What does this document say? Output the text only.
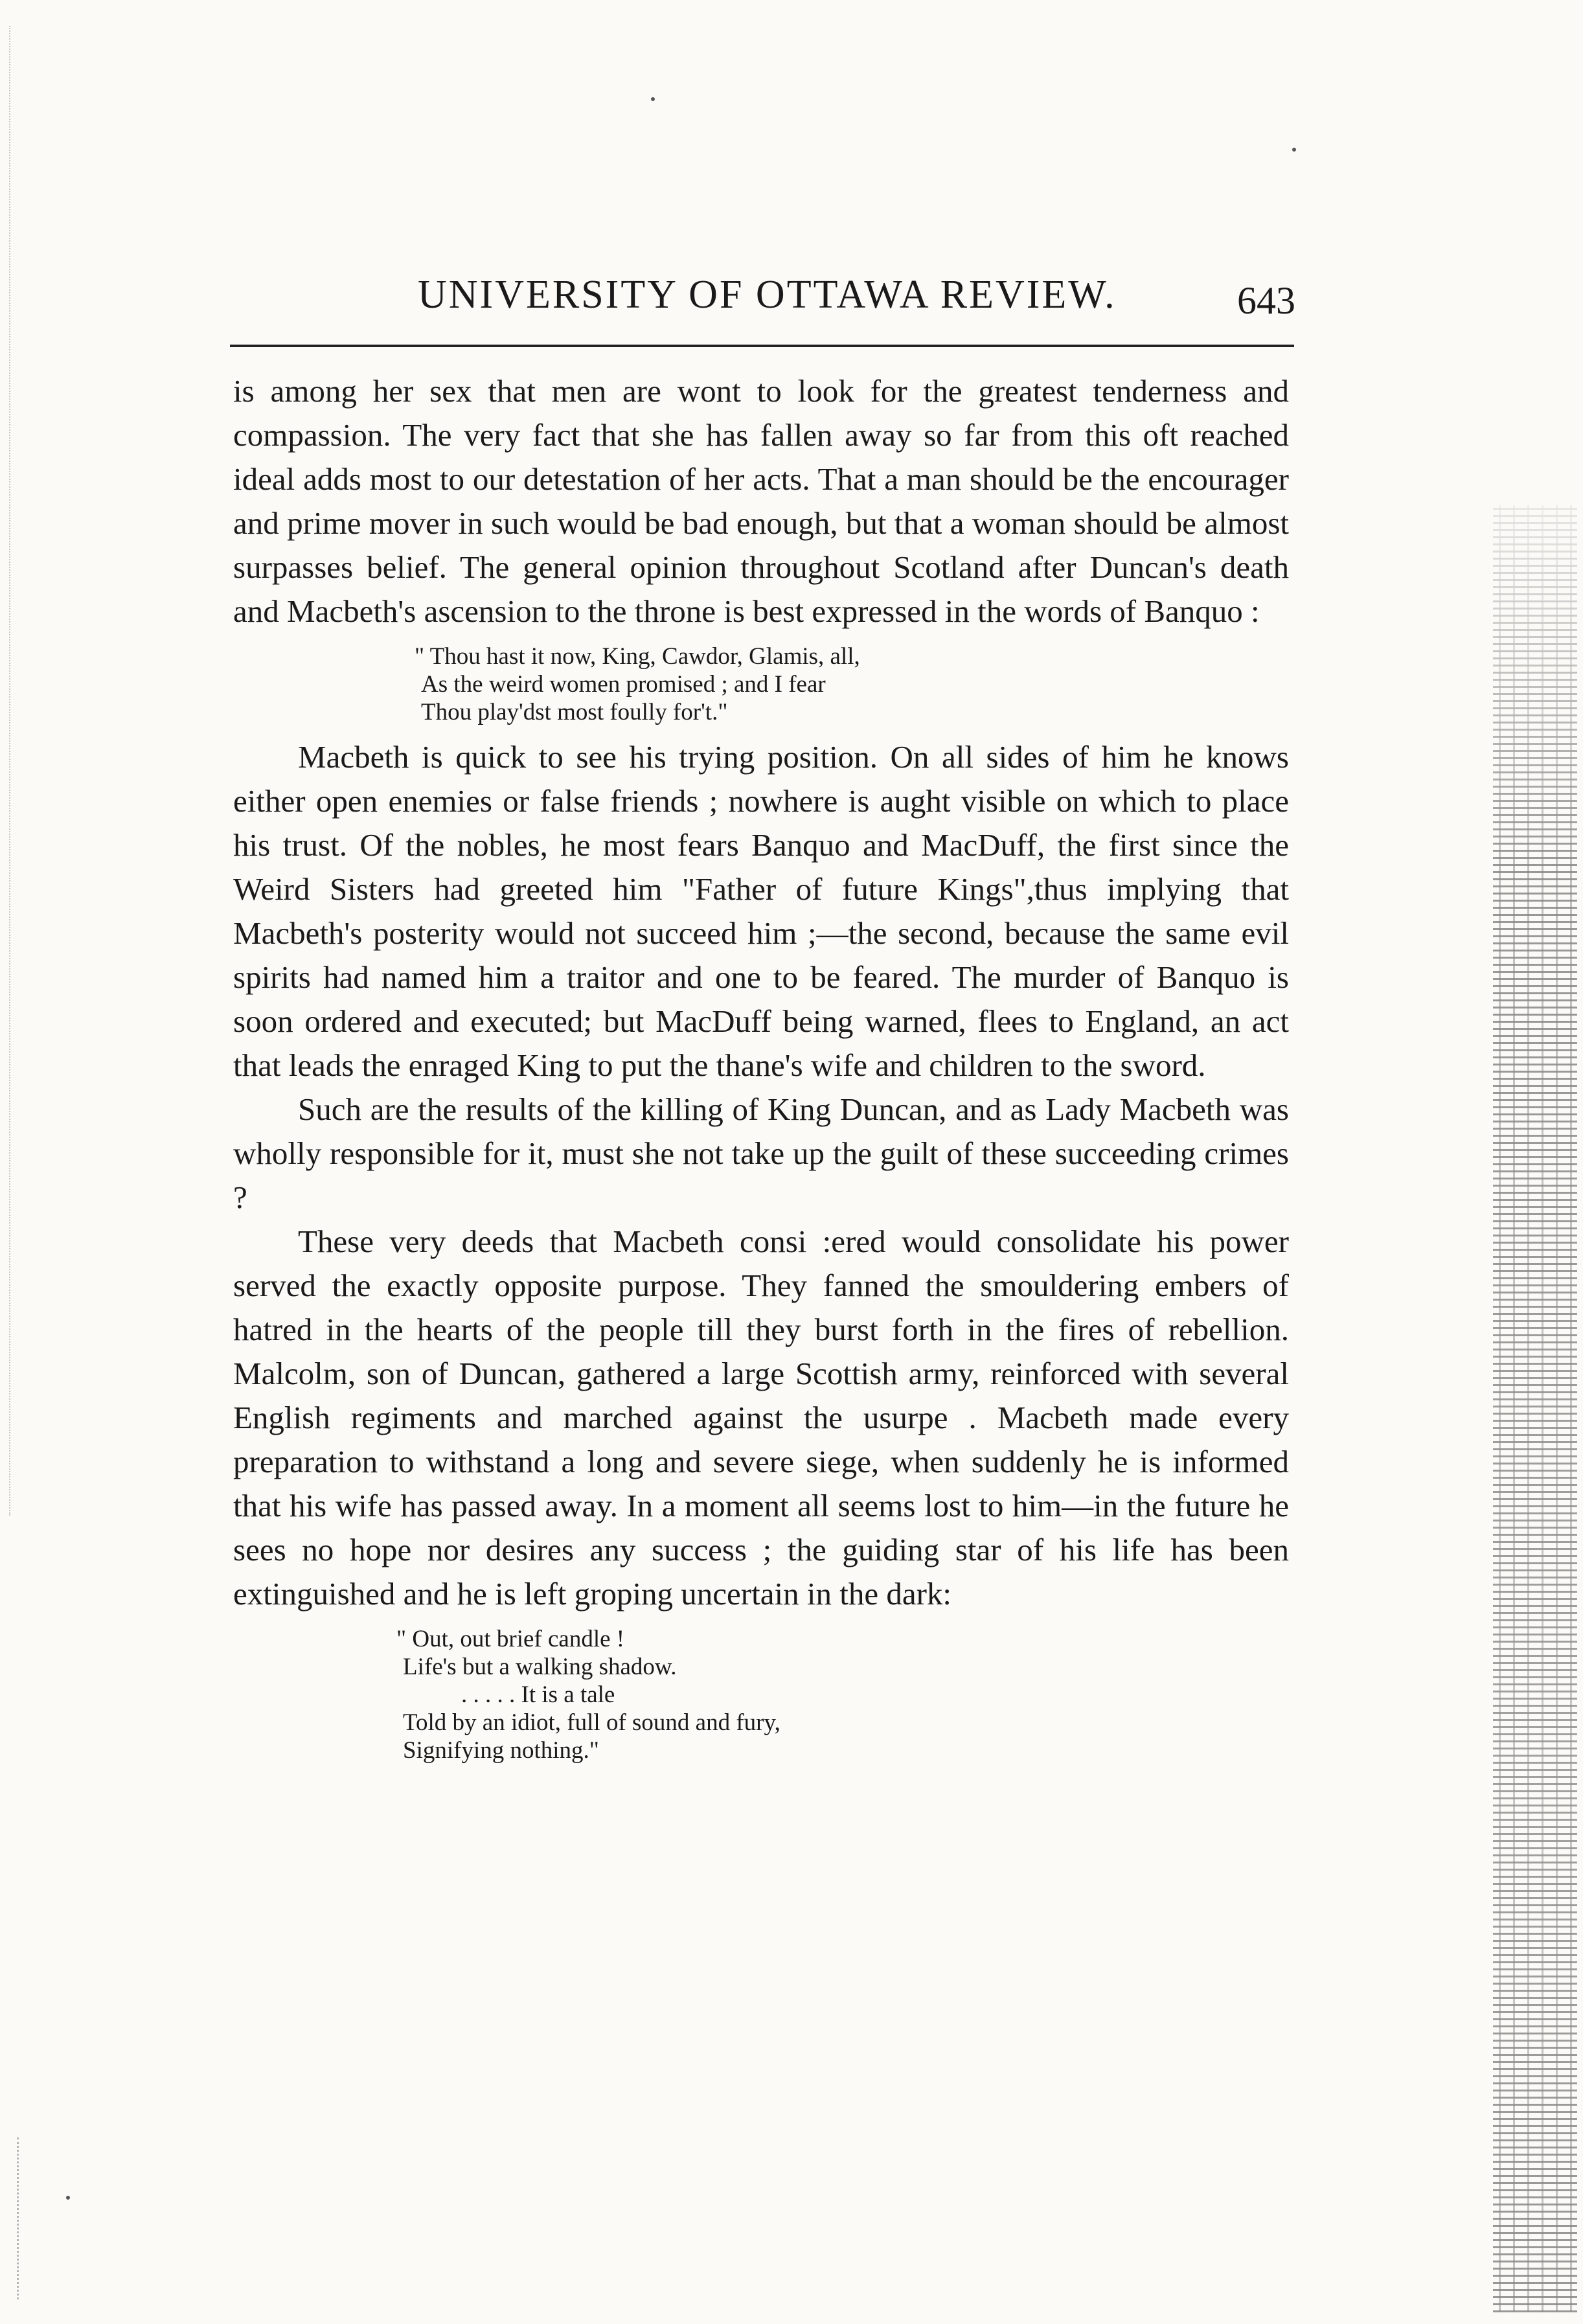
UNIVERSITY OF OTTAWA REVIEW.	643

is among her sex that men are wont to look for the greatest tenderness and compassion. The very fact that she has fallen away so far from this oft reached ideal adds most to our detestation of her acts. That a man should be the encourager and prime mover in such would be bad enough, but that a woman should be almost surpasses belief. The general opinion throughout Scotland after Duncan's death and Macbeth's ascension to the throne is best expressed in the words of Banquo :

" Thou hast it now, King, Cawdor, Glamis, all,
As the weird women promised ; and I fear
Thou play'dst most foully for't."

Macbeth is quick to see his trying position. On all sides of him he knows either open enemies or false friends ; nowhere is aught visible on which to place his trust. Of the nobles, he most fears Banquo and MacDuff, the first since the Weird Sisters had greeted him "Father of future Kings",thus implying that Macbeth's posterity would not succeed him ;—the second, because the same evil spirits had named him a traitor and one to be feared. The murder of Banquo is soon ordered and executed; but MacDuff being warned, flees to England, an act that leads the enraged King to put the thane's wife and children to the sword.

Such are the results of the killing of King Duncan, and as Lady Macbeth was wholly responsible for it, must she not take up the guilt of these succeeding crimes ?

These very deeds that Macbeth consi :ered would consolidate his power served the exactly opposite purpose. They fanned the smouldering embers of hatred in the hearts of the people till they burst forth in the fires of rebellion. Malcolm, son of Duncan, gathered a large Scottish army, reinforced with several English regiments and marched against the usurpe . Macbeth made every preparation to withstand a long and severe siege, when suddenly he is informed that his wife has passed away. In a moment all seems lost to him—in the future he sees no hope nor desires any success ; the guiding star of his life has been extinguished and he is left groping uncertain in the dark:

" Out, out brief candle !
Life's but a walking shadow.
. . . . . It is a tale
Told by an idiot, full of sound and fury,
Signifying nothing."
